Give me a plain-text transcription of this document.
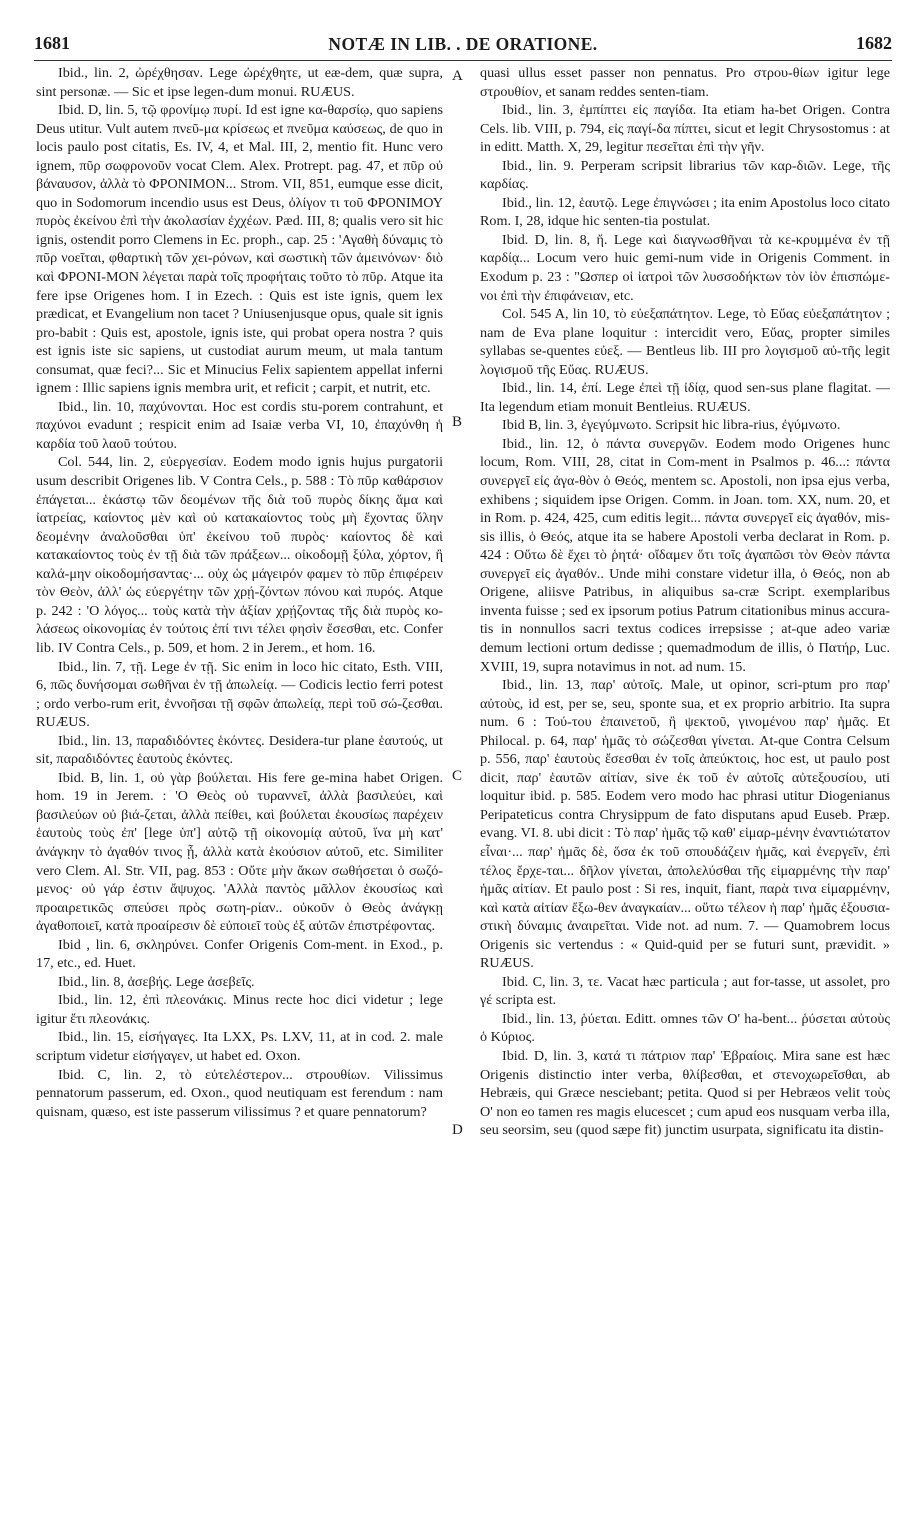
1681	NOTÆ IN LIB. . DE ORATIONE.	1682

Ibid., lin. 2, ὠρέχθησαν. Lege ὠρέχθητε, ut eæ-dem, quæ supra, sint personæ. — Sic et ipse legen-dum monui. RUÆUS.

Ibid. D, lin. 5, τῷ φρονίμῳ πυρί. Id est igne κα-θαρσίῳ, quo sapiens Deus utitur. Vult autem πνεῦ-μα κρίσεως et πνεῦμα καύσεως, de quo in locis paulo post citatis, Es. IV, 4, et Mal. III, 2, mentio fit. Hunc vero ignem, πῦρ σωφρονοῦν vocat Clem. Alex. Protrept. pag. 47, et πῦρ οὐ βάναυσον, ἀλλὰ τὸ ΦΡΟΝΙΜΟΝ... Strom. VII, 851, eumque esse dicit, quo in Sodomorum incendio usus est Deus, ὀλίγον τι τοῦ ΦΡΟΝΙΜΟΥ πυρὸς ἐκείνου ἐπὶ τὴν ἀκολασίαν ἐχχέων. Pæd. III, 8; qualis vero sit hic ignis, ostendit porro Clemens in Ec. proph., cap. 25 : 'Αγαθὴ δύναμις τὸ πῦρ νοεῖται, φθαρτικὴ τῶν χει-ρόνων, καὶ σωστικὴ τῶν ἀμεινόνων· διὸ καὶ ΦΡΟΝΙ-ΜΟΝ λέγεται παρὰ τοῖς προφήταις τοῦτο τὸ πῦρ. Atque ita fere ipse Origenes hom. I in Ezech. : Quis est iste ignis, quem lex prædicat, et Evangelium non tacet ? Uniusenjusque opus, quale sit ignis pro-babit : Quis est, apostole, ignis iste, qui probat opera nostra ? quis est ignis iste sic sapiens, ut custodiat aurum meum, ut mala tantum consumat, quæ feci?... Sic et Minucius Felix sapientem appellat inferni ignem : Illic sapiens ignis membra urit, et reficit ; carpit, et nutrit, etc.

Ibid., lin. 10, παχύνονται. Hoc est cordis stu-porem contrahunt, et παχύνοι evadunt ; respicit enim ad Isaiæ verba VI, 10, ἐπαχύνθη ἡ καρδία τοῦ λαοῦ τούτου.

Col. 544, lin. 2, εὐεργεσίαν. Eodem modo ignis hujus purgatorii usum describit Origenes lib. V Contra Cels., p. 588 : Τὸ πῦρ καθάρσιον ἐπάγεται... ἑκάστῳ τῶν δεομένων τῆς διὰ τοῦ πυρὸς δίκης ἅμα καὶ ἰατρείας, καίοντος μὲν καὶ οὐ κατακαίοντος τοὺς μὴ ἔχοντας ὕλην δεομένην ἀναλοῦσθαι ὑπ' ἐκείνου τοῦ πυρὸς· καίοντος δὲ καὶ κατακαίοντος τοὺς ἐν τῇ διὰ τῶν πράξεων... οἰκοδομῇ ξύλα, χόρτον, ἢ καλά-μην οἰκοδομήσαντας·... οὐχ ὡς μάγειρόν φαμεν τὸ πῦρ ἐπιφέρειν τὸν Θεὸν, ἀλλ' ὡς εὐεργέτην τῶν χρῄ-ζόντων πόνου καὶ πυρός. Atque p. 242 : 'Ο λόγος... τοὺς κατὰ τὴν ἀξίαν χρῄζοντας τῆς διὰ πυρὸς κο-λάσεως οἰκονομίας ἐν τούτοις ἐπί τινι τέλει φησὶν ἔσεσθαι, etc. Confer lib. IV Contra Cels., p. 509, et hom. 2 in Jerem., et hom. 16.

Ibid., lin. 7, τῇ. Lege ἐν τῇ. Sic enim in loco hic citato, Esth. VIII, 6, πῶς δυνήσομαι σωθῆναι ἐν τῇ ἀπωλείᾳ. — Codicis lectio ferri potest ; ordo verbo-rum erit, ἐννοῆσαι τῇ σφῶν ἀπωλείᾳ, περὶ τοῦ σώ-ζεσθαι. RUÆUS.

Ibid., lin. 13, παραδιδόντες ἑκόντες. Desidera-tur plane ἑαυτούς, ut sit, παραδιδόντες ἑαυτοὺς ἑκόντες.

Ibid. B, lin. 1, οὐ γὰρ βούλεται. His fere ge-mina habet Origen. hom. 19 in Jerem. : 'Ο Θεὸς οὐ τυραννεῖ, ἀλλὰ βασιλεύει, καὶ βασιλεύων οὐ βιά-ζεται, ἀλλὰ πείθει, καὶ βούλεται ἑκουσίως παρέχειν ἑαυτοὺς τοὺς ἐπ' [lege ὑπ'] αὐτῷ τῇ οἰκονομίᾳ αὐτοῦ, ἵνα μὴ κατ' ἀνάγκην τὸ ἀγαθόν τινος ᾖ, ἀλλὰ κατὰ ἑκούσιον αὐτοῦ, etc. Similiter vero Clem. Al. Str. VII, pag. 853 : Οὔτε μὴν ἄκων σωθήσεται ὁ σωζό-μενος· οὐ γάρ ἐστιν ἄψυχος. 'Αλλὰ παντὸς μᾶλλον ἑκουσίως καὶ προαιρετικῶς σπεύσει πρὸς σωτη-ρίαν.. οὐκοῦν ὁ Θεὸς ἀνάγκῃ ἀγαθοποιεῖ, κατὰ προαίρεσιν δὲ εὐποιεῖ τοὺς ἐξ αὐτῶν ἐπιστρέφοντας.

Ibid , lin. 6, σκληρύνει. Confer Origenis Com-ment. in Exod., p. 17, etc., ed. Huet.

Ibid., lin. 8, ἀσεβής. Lege ἀσεβεῖς.

Ibid., lin. 12, ἐπὶ πλεονάκις. Minus recte hoc dici videtur ; lege igitur ἔτι πλεονάκις.

Ibid., lin. 15, εἰσήγαγες. Ita LXX, Ps. LXV, 11, at in cod. 2. male scriptum videtur εἰσήγαγεν, ut habet ed. Oxon.

Ibid. C, lin. 2, τὸ εὐτελέστερον... στρουθίων. Vilissimus pennatorum passerum, ed. Oxon., quod neutiquam est ferendum : nam quisnam, quæso, est iste passerum vilissimus ? et quare pennatorum?

A
B
C
D

quasi ullus esset passer non pennatus. Pro στρου-θίων igitur lege στρουθίον, et sanam reddes senten-tiam.

Ibid., lin. 3, ἐμπίπτει εἰς παγίδα. Ita etiam ha-bet Origen. Contra Cels. lib. VIII, p. 794, εἰς παγί-δα πίπτει, sicut et legit Chrysostomus : at in editt. Matth. X, 29, legitur πεσεῖται ἐπὶ τὴν γῆν.

Ibid., lin. 9. Perperam scripsit librarius τῶν καρ-διῶν. Lege, τῆς καρδίας.

Ibid., lin. 12, ἑαυτῷ. Lege ἐπιγνώσει ; ita enim Apostolus loco citato Rom. I, 28, idque hic senten-tia postulat.

Ibid. D, lin. 8, ἤ. Lege καὶ διαγνωσθῆναι τὰ κε-κρυμμένα ἐν τῇ καρδίᾳ... Locum vero huic gemi-num vide in Origenis Comment. in Exodum p. 23 : "Ωσπερ οἱ ἰατροὶ τῶν λυσσοδήκτων τὸν ἰὸν ἐπισπώμε-νοι ἐπὶ τὴν ἐπιφάνειαν, etc.

Col. 545 A, lin 10, τὸ εὐεξαπάτητον. Lege, τὸ Εὔας εὐεξαπάτητον ; nam de Eva plane loquitur : intercidit vero, Εὔας, propter similes syllabas se-quentes εὐεξ. — Bentleus lib. III pro λογισμοῦ αὐ-τῆς legit λογισμοῦ τῆς Εὔας. RUÆUS.

Ibid., lin. 14, ἐπί. Lege ἐπεὶ τῇ ἰδίᾳ, quod sen-sus plane flagitat. — Ita legendum etiam monuit Bentleius. RUÆUS.

Ibid B, lin. 3, ἐγεγύμνωτο. Scripsit hic libra-rius, ἐγύμνωτο.

Ibid., lin. 12, ὁ πάντα συνεργῶν. Eodem modo Origenes hunc locum, Rom. VIII, 28, citat in Com-ment in Psalmos p. 46...: πάντα συνεργεῖ εἰς ἀγα-θὸν ὁ Θεός, mentem sc. Apostoli, non ipsa ejus verba, exhibens ; siquidem ipse Origen. Comm. in Joan. tom. XX, num. 20, et in Rom. p. 424, 425, cum editis legit... πάντα συνεργεῖ εἰς ἀγαθόν, mis-sis illis, ὁ Θεός, atque ita se habere Apostoli verba declarat in Rom. p. 424 : Οὕτω δὲ ἔχει τὸ ῥητά· οἴδαμεν ὅτι τοῖς ἀγαπῶσι τὸν Θεὸν πάντα συνεργεῖ εἰς ἀγαθόν.. Unde mihi constare videtur illa, ὁ Θεός, non ab Origene, aliisve Patribus, in aliquibus sa-cræ Script. exemplaribus inventa fuisse ; sed ex ipsorum potius Patrum citationibus minus accura-tis in nonnullos sacri textus codices irrepsisse ; at-que adeo variæ demum lectioni ortum dedisse ; quemadmodum de illis, ὁ Πατήρ, Luc. XVIII, 19, supra notavimus in not. ad num. 15.

Ibid., lin. 13, παρ' αὐτοῖς. Male, ut opinor, scri-ptum pro παρ' αὐτοὺς, id est, per se, seu, sponte sua, et ex proprio arbitrio. Ita supra num. 6 : Τού-του ἐπαινετοῦ, ἢ ψεκτοῦ, γινομένου παρ' ἡμᾶς. Et Philocal. p. 64, παρ' ἡμᾶς τὸ σώζεσθαι γίνεται. At-que Contra Celsum p. 556, παρ' ἑαυτοὺς ἔσεσθαι ἐν τοῖς ἀπεύκτοις, hoc est, ut paulo post dicit, παρ' ἑαυτῶν αἰτίαν, sive ἐκ τοῦ ἐν αὐτοῖς αὐτεξουσίου, uti loquitur ibid. p. 585. Eodem vero modo hac phrasi utitur Diogenianus Peripateticus contra Chrysippum de fato disputans apud Euseb. Præp. evang. VI. 8. ubi dicit : Τὸ παρ' ἡμᾶς τῷ καθ' εἱμαρ-μένην ἐναντιώτατον εἶναι·... παρ' ἡμᾶς δὲ, ὅσα ἐκ τοῦ σπουδάζειν ἡμᾶς, καὶ ἐνεργεῖν, ἐπὶ τέλος ἔρχε-ται... δῆλον γίνεται, ἀπολελύσθαι τῆς εἱμαρμένης τὴν παρ' ἡμᾶς αἰτίαν. Et paulo post : Si res, inquit, fiant, παρὰ τινα εἱμαρμένην, καὶ κατὰ αἰτίαν ἔξω-θεν ἀναγκαίαν... οὕτω τέλεον ἡ παρ' ἡμᾶς ἐξουσια-στικὴ δύναμις ἀναιρεῖται. Vide not. ad num. 7. — Quamobrem locus Origenis sic vertendus : « Quid-quid per se futuri sunt, prævidit. » RUÆUS.

Ibid. C, lin. 3, τε. Vacat hæc particula ; aut for-tasse, ut assolet, pro γέ scripta est.

Ibid., lin. 13, ῥύεται. Editt. omnes τῶν Ο' ha-bent... ῥύσεται αὐτοὺς ὁ Κύριος.

Ibid. D, lin. 3, κατά τι πάτριον παρ' Ἑβραίοις. Mira sane est hæc Origenis distinctio inter verba, θλίβεσθαι, et στενοχωρεῖσθαι, ab Hebræis, qui Græce nesciebant; petita. Quod si per Hebræos velit τοὺς Ο' non eo tamen res magis elucescet ; cum apud eos nusquam verba illa, seu seorsim, seu (quod sæpe fit) junctim usurpata, significatu ita distin-
